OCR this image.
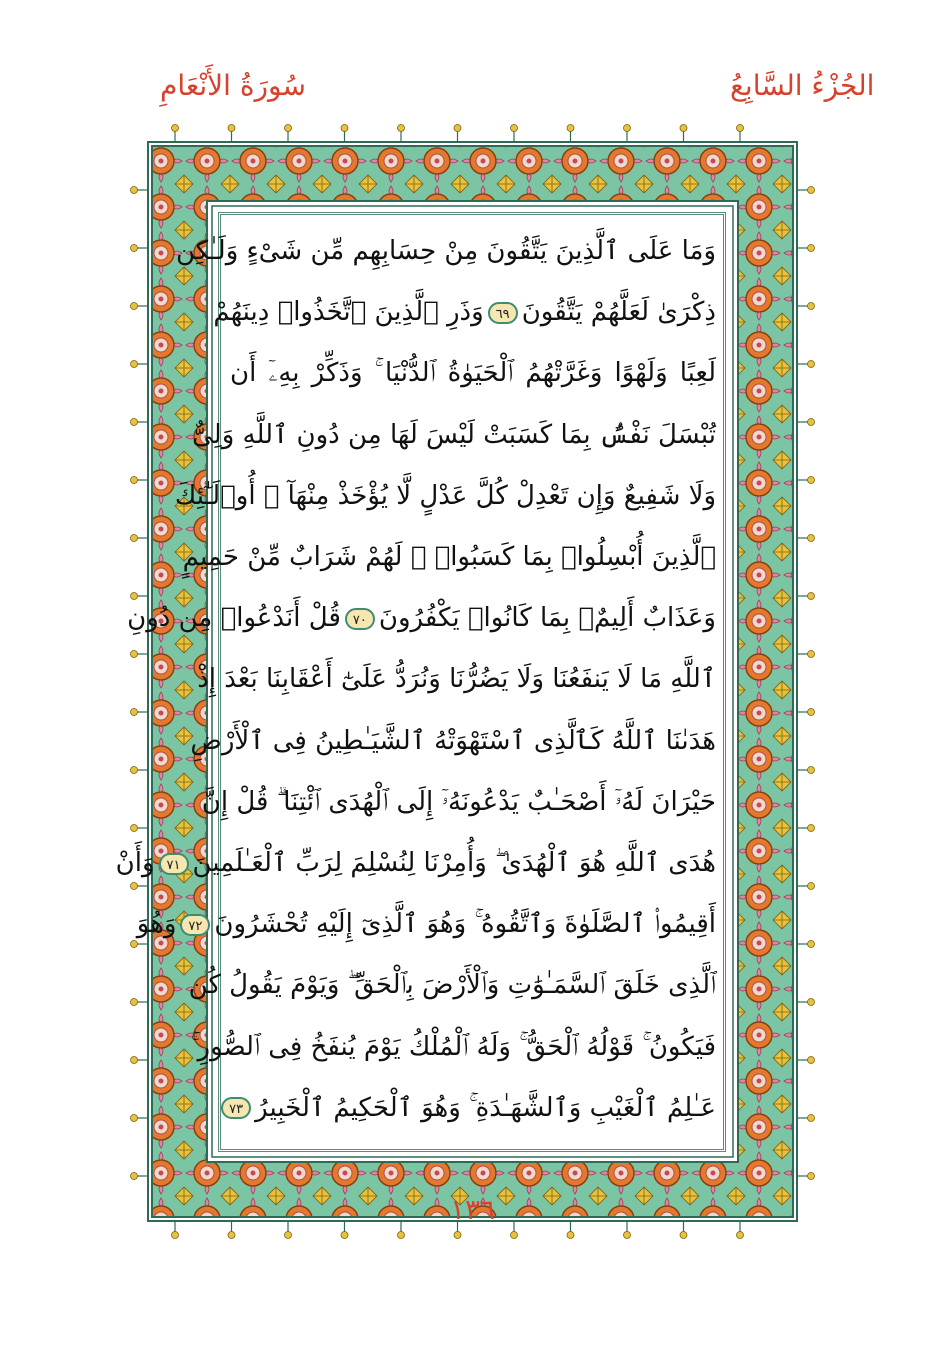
الجُزْءُ السَّابِعُ
سُورَةُ الأَنْعَامِ
وَمَا عَلَى ٱلَّذِينَ يَتَّقُونَ مِنْ حِسَابِهِم مِّن شَىْءٍ وَلَـٰكِن
ذِكْرَىٰ لَعَلَّهُمْ يَتَّقُونَ٦٩وَذَرِ ٱلَّذِينَ ٱتَّخَذُوا۟ دِينَهُمْ
لَعِبًا وَلَهْوًا وَغَرَّتْهُمُ ٱلْحَيَوٰةُ ٱلدُّنْيَا ۚ وَذَكِّرْ بِهِۦٓ أَن
تُبْسَلَ نَفْسٌۢ بِمَا كَسَبَتْ لَيْسَ لَهَا مِن دُونِ ٱللَّهِ وَلِىٌّ
وَلَا شَفِيعٌ وَإِن تَعْدِلْ كُلَّ عَدْلٍ لَّا يُؤْخَذْ مِنْهَآ ۗ أُو۟لَـٰٓئِكَ
ٱلَّذِينَ أُبْسِلُوا۟ بِمَا كَسَبُوا۟ ۖ لَهُمْ شَرَابٌ مِّنْ حَمِيمٍ
وَعَذَابٌ أَلِيمٌۢ بِمَا كَانُوا۟ يَكْفُرُونَ٧٠قُلْ أَنَدْعُوا۟ مِن دُونِ
ٱللَّهِ مَا لَا يَنفَعُنَا وَلَا يَضُرُّنَا وَنُرَدُّ عَلَىٰٓ أَعْقَابِنَا بَعْدَ إِذْ
هَدَىٰنَا ٱللَّهُ كَٱلَّذِى ٱسْتَهْوَتْهُ ٱلشَّيَـٰطِينُ فِى ٱلْأَرْضِ
حَيْرَانَ لَهُۥٓ أَصْحَـٰبٌ يَدْعُونَهُۥٓ إِلَى ٱلْهُدَى ٱئْتِنَا ۗ قُلْ إِنَّ
هُدَى ٱللَّهِ هُوَ ٱلْهُدَىٰ ۖ وَأُمِرْنَا لِنُسْلِمَ لِرَبِّ ٱلْعَـٰلَمِينَ٧١وَأَنْ
أَقِيمُوا۟ ٱلصَّلَوٰةَ وَٱتَّقُوهُ ۚ وَهُوَ ٱلَّذِىٓ إِلَيْهِ تُحْشَرُونَ٧٢وَهُوَ
ٱلَّذِى خَلَقَ ٱلسَّمَـٰوَٰتِ وَٱلْأَرْضَ بِٱلْحَقِّ ۖ وَيَوْمَ يَقُولُ كُن
فَيَكُونُ ۚ قَوْلُهُ ٱلْحَقُّ ۚ وَلَهُ ٱلْمُلْكُ يَوْمَ يُنفَخُ فِى ٱلصُّورِ ۚ
عَـٰلِمُ ٱلْغَيْبِ وَٱلشَّهَـٰدَةِ ۚ وَهُوَ ٱلْحَكِيمُ ٱلْخَبِيرُ٧٣
١٣٦
